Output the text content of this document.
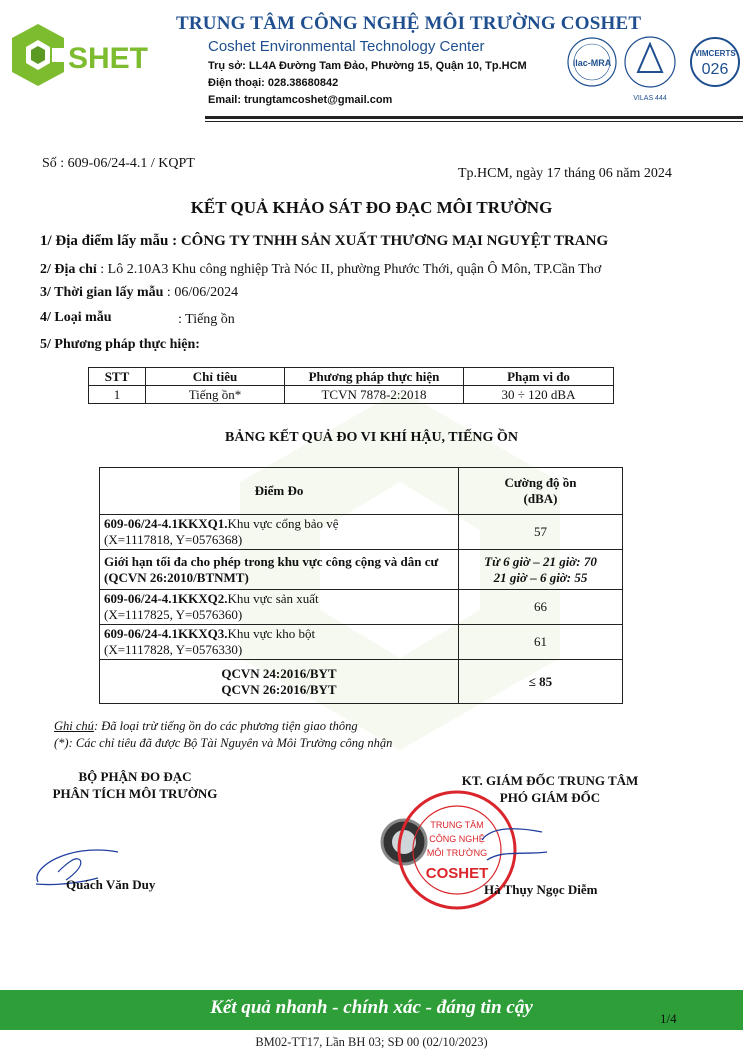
SHET
TRUNG TÂM CÔNG NGHỆ MÔI TRƯỜNG COSHET
Coshet Environmental Technology Center
Trụ sở: LL4A Đường Tam Đảo, Phường 15, Quận 10, Tp.HCM
Điện thoại: 028.38680842
Email: trungtamcoshet@gmail.com
ilac-MRA
VILAS 444
VIMCERTS
026
Số : 609-06/24-4.1 / KQPT
Tp.HCM, ngày 17 tháng 06 năm 2024
KẾT QUẢ KHẢO SÁT ĐO ĐẠC MÔI TRƯỜNG
1/ Địa điểm lấy mẫu : CÔNG TY TNHH SẢN XUẤT THƯƠNG MẠI NGUYỆT TRANG
2/ Địa chỉ : Lô 2.10A3 Khu công nghiệp Trà Nóc II, phường Phước Thới, quận Ô Môn, TP.Cần Thơ
3/ Thời gian lấy mẫu : 06/06/2024
4/ Loại mẫu	: Tiếng ồn
5/ Phương pháp thực hiện:
STT	Chỉ tiêu	Phương pháp thực hiện	Phạm vi đo
1	Tiếng ồn*	TCVN 7878-2:2018	30 ÷ 120 dBA
BẢNG KẾT QUẢ ĐO VI KHÍ HẬU, TIẾNG ỒN
Điểm Đo	Cường độ ồn
(dBA)

609-06/24-4.1KKXQ1.Khu vực cổng bảo vệ
(X=1117818, Y=0576368)	57
Giới hạn tối đa cho phép trong khu vực công cộng và dân cư (QCVN 26:2010/BTNMT)	Từ 6 giờ – 21 giờ: 70
21 giờ – 6 giờ: 55

609-06/24-4.1KKXQ2.Khu vực sản xuất
(X=1117825, Y=0576360)	66
609-06/24-4.1KKXQ3.Khu vực kho bột
(X=1117828, Y=0576330)	61

QCVN 24:2016/BYT
QCVN 26:2016/BYT	≤ 85
Ghi chú: Đã loại trừ tiếng ồn do các phương tiện giao thông
(*): Các chỉ tiêu đã được Bộ Tài Nguyên và Môi Trường công nhận
BỘ PHẬN ĐO ĐẠC
PHÂN TÍCH MÔI TRƯỜNG
KT. GIÁM ĐỐC TRUNG TÂM
PHÓ GIÁM ĐỐC
Quách Văn Duy
TRUNG TÂM
CÔNG NGHỆ
MÔI TRƯỜNG
COSHET
Hà Thụy Ngọc Diễm
Kết quả nhanh - chính xác - đáng tin cậy
1/4
BM02-TT17, Lần BH 03; SĐ 00 (02/10/2023)
